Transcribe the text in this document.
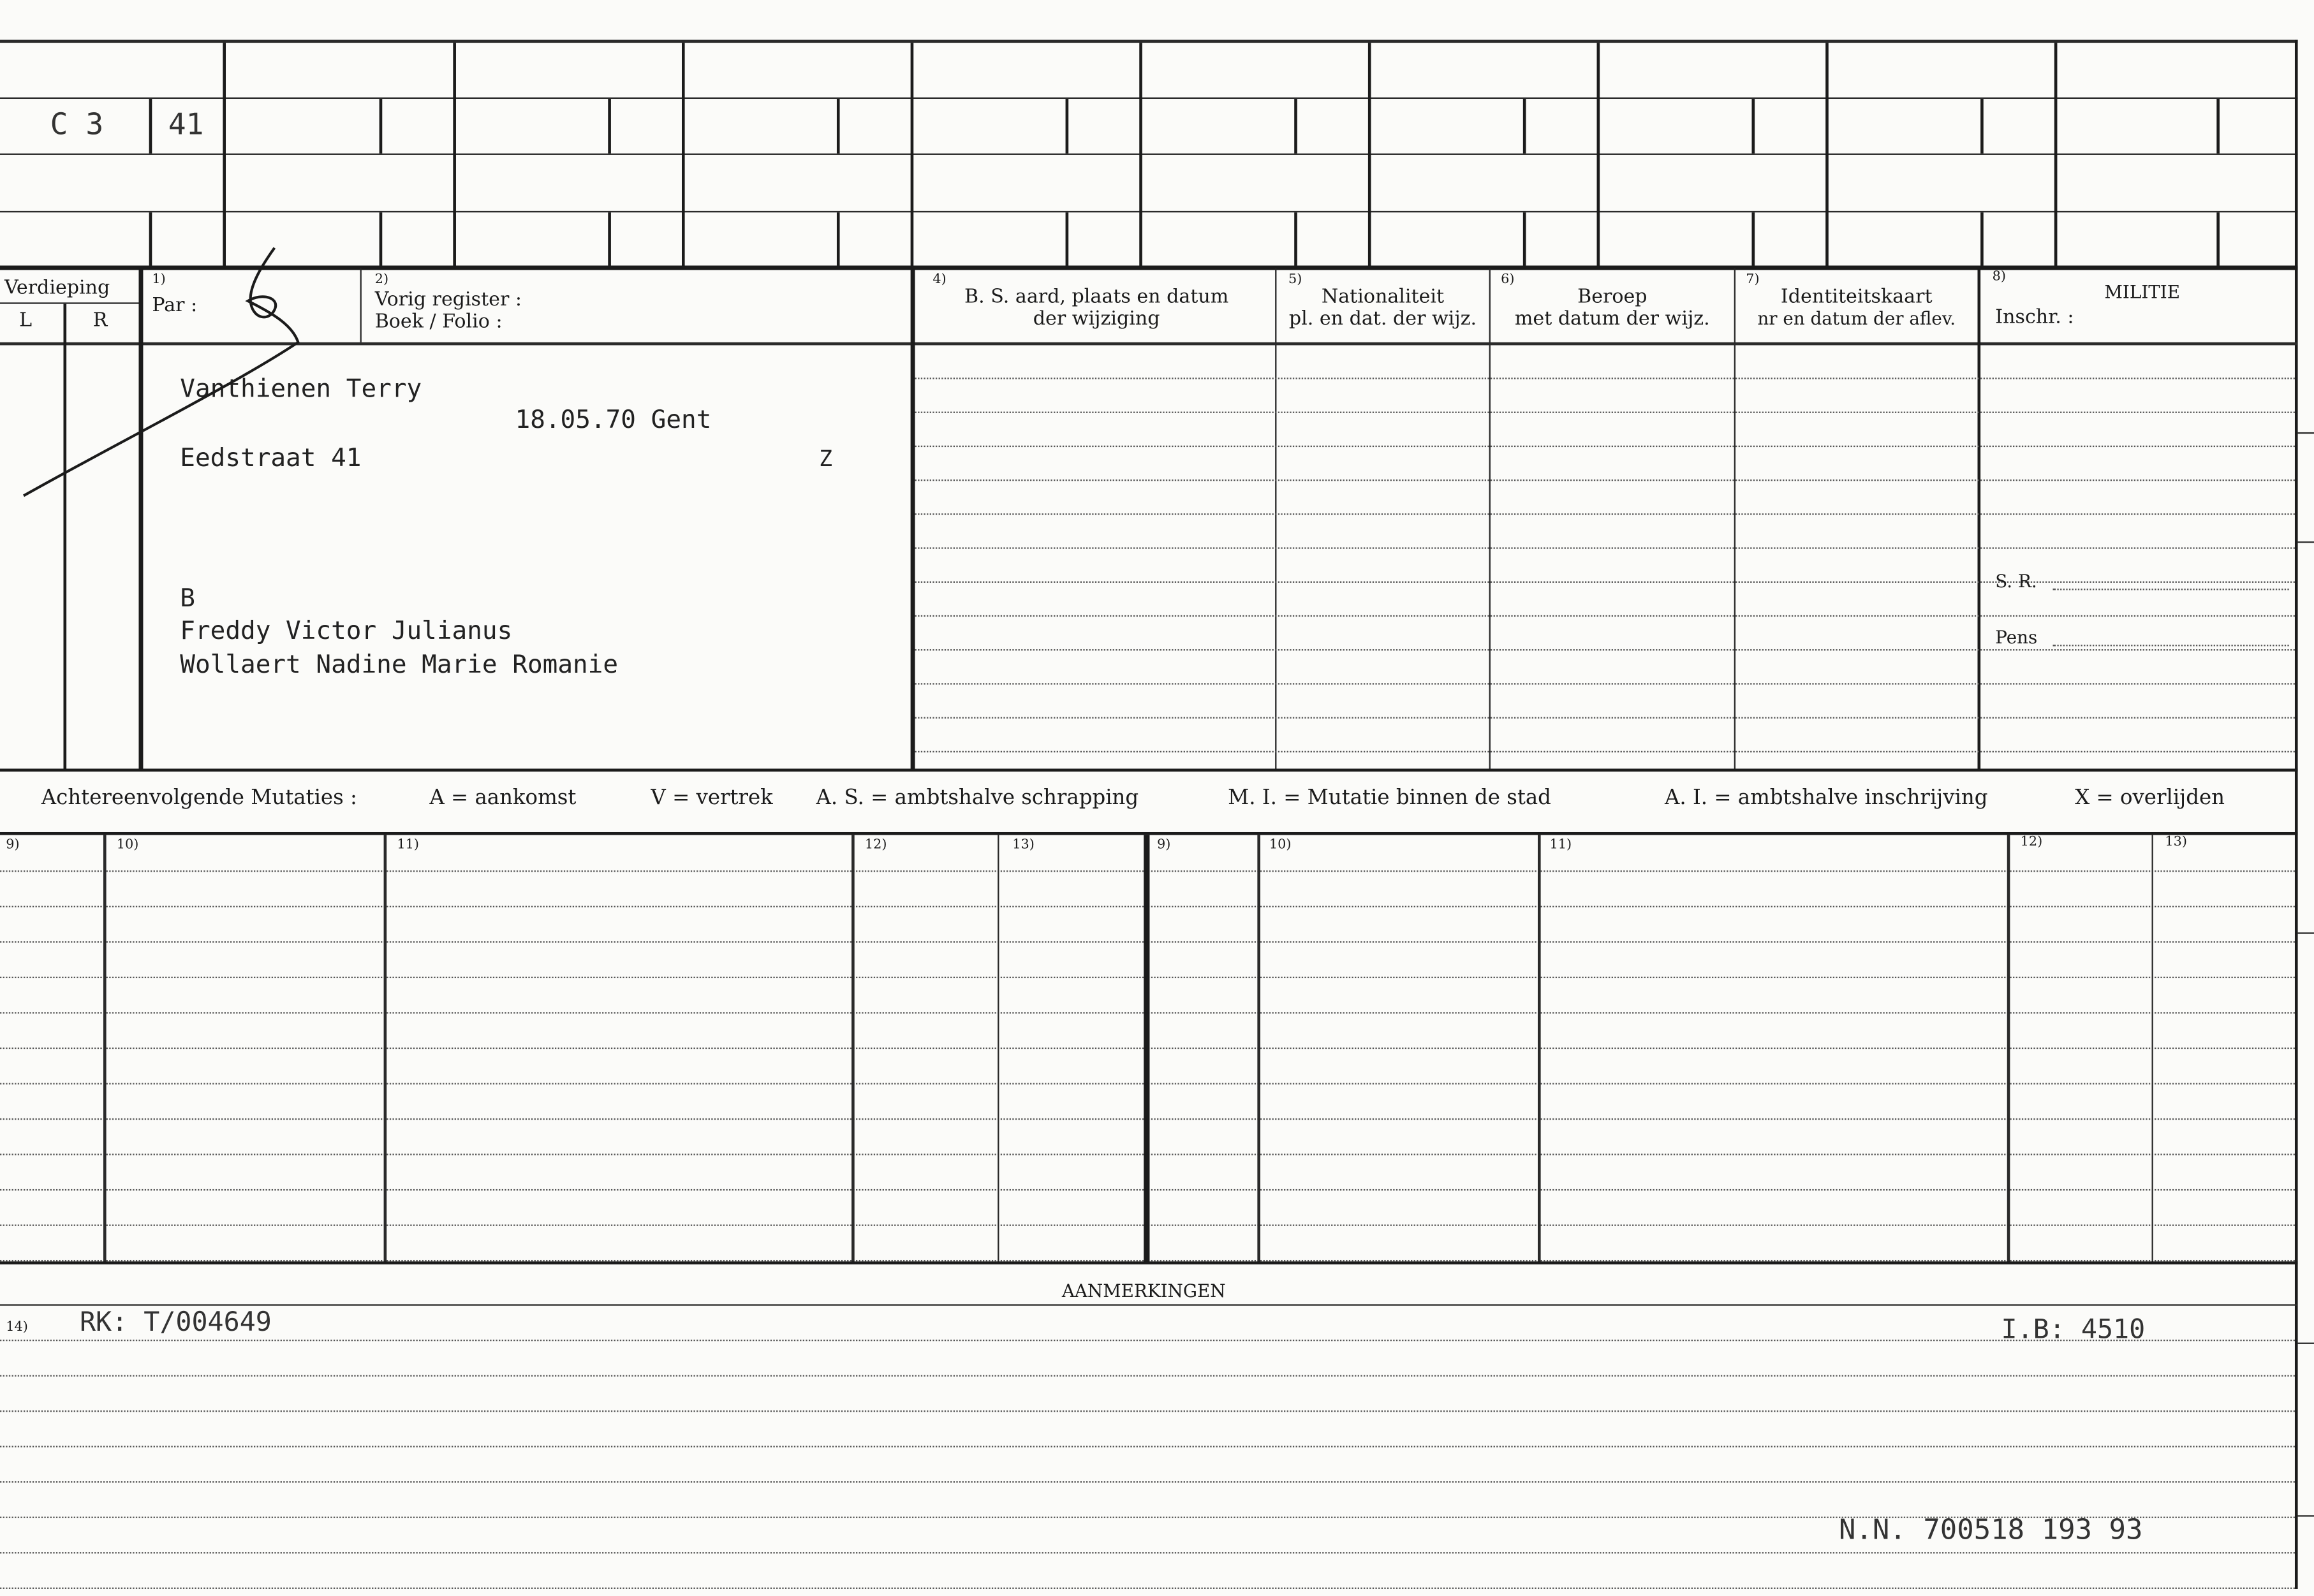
C 3	41
Verdieping
L	R
1)
Par :
2)
Vorig register :
Boek / Folio :
4)
B. S. aard, plaats en datum
der wijziging
5)
Nationaliteit
pl. en dat. der wijz.
6)
Beroep
met datum der wijz.
7)
Identiteitskaart
nr en datum der aflev.
8)
MILITIE
Inschr. :
S. R.
Pens
Vanthienen Terry
18.05.70 Gent
Eedstraat 41	Z
B
Freddy Victor Julianus
Wollaert Nadine Marie Romanie
Achtereenvolgende Mutaties :	A = aankomst	V = vertrek	A. S. = ambtshalve schrapping	M. I. = Mutatie binnen de stad	A. I. = ambtshalve inschrijving	X = overlijden
9)	10)	11)	12)	13)	9)	10)	11)	12)	13)
AANMERKINGEN
14)	RK: T/004649	I.B: 4510
N.N. 700518 193 93
